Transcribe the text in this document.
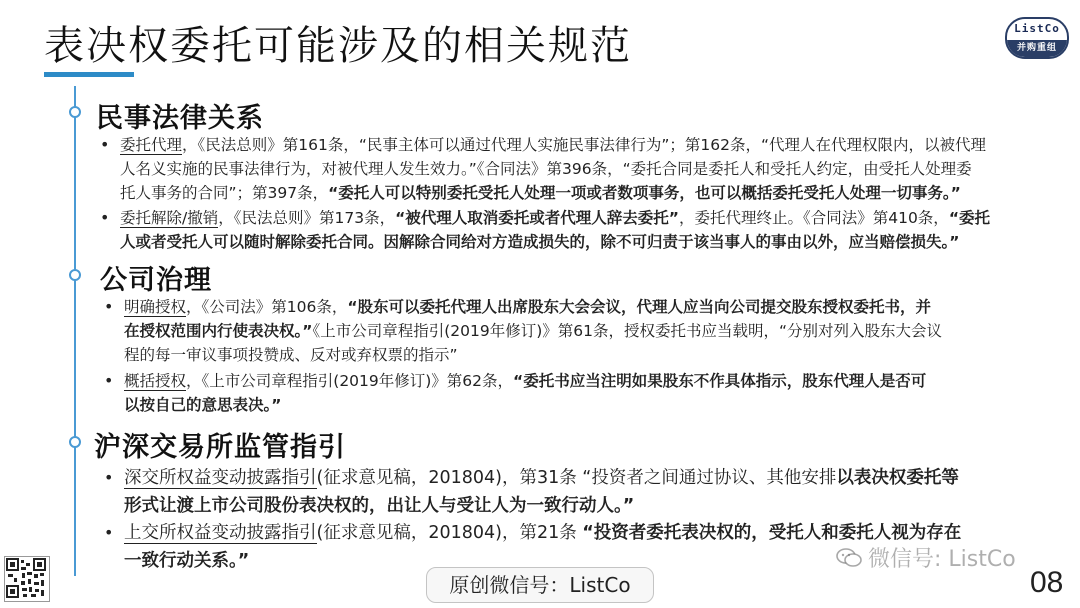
表决权委托可能涉及的相关规范	ListCo
并购重组
民事法律关系
• 委托代理，《民法总则》第161条，“民事主体可以通过代理人实施民事法律行为”；第162条，“代理人在代理权限内，以被代理
人名义实施的民事法律行为，对被代理人发生效力。”《合同法》第396条，“委托合同是委托人和受托人约定，由受托人处理委
托人事务的合同”；第397条，“委托人可以特别委托受托人处理一项或者数项事务，也可以概括委托受托人处理一切事务。”
• 委托解除/撤销，《民法总则》第173条，“被代理人取消委托或者代理人辞去委托”，委托代理终止。《合同法》第410条，“委托
人或者受托人可以随时解除委托合同。因解除合同给对方造成损失的，除不可归责于该当事人的事由以外，应当赔偿损失。”
公司治理
• 明确授权，《公司法》第106条，“股东可以委托代理人出席股东大会会议，代理人应当向公司提交股东授权委托书，并
在授权范围内行使表决权。”《上市公司章程指引(2019年修订)》第61条，授权委托书应当载明，“分别对列入股东大会议
程的每一审议事项投赞成、反对或弃权票的指示”
• 概括授权，《上市公司章程指引(2019年修订)》第62条，“委托书应当注明如果股东不作具体指示，股东代理人是否可
以按自己的意思表决。”
沪深交易所监管指引
• 深交所权益变动披露指引(征求意见稿，201804)，第31条 “投资者之间通过协议、其他安排以表决权委托等
形式让渡上市公司股份表决权的，出让人与受让人为一致行动人。”
• 上交所权益变动披露指引(征求意见稿，201804)，第21条 “投资者委托表决权的，受托人和委托人视为存在
一致行动关系。”	微信号: ListCo
原创微信号：ListCo	08
